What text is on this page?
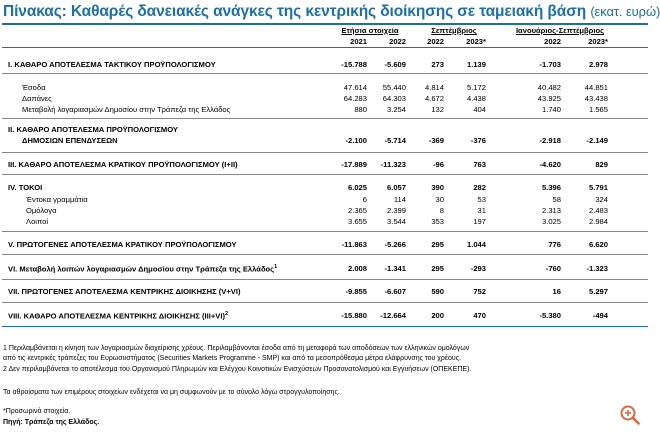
Πίνακας: Καθαρές δανειακές ανάγκες της κεντρικής διοίκησης σε ταμειακή βάση (εκατ. ευρώ)
Ετήσια στοιχεία	Σεπτέμβριος	Ιανουάριος-Σεπτέμβριος
2021	2022	2022	2023*	2022	2023*
I. ΚΑΘΑΡΟ ΑΠΟΤΕΛΕΣΜΑ ΤΑΚΤΙΚΟΥ ΠΡΟΫΠΟΛΟΓΙΣΜΟΥ	-15.788	-5.609	273	1.139	-1.703	2.978
Έσοδα	47.614	55.440	4.814	5.172	40.482	44.851
Δαπάνες	64.283	64.303	4.672	4.438	43.925	43.438
Μεταβολή λογαριασμών Δημοσίου στην Τράπεζα της Ελλάδος	880	3.254	132	404	1.740	1.565
II. ΚΑΘΑΡΟ ΑΠΟΤΕΛΕΣΜΑ ΠΡΟΫΠΟΛΟΓΙΣΜΟΥ
ΔΗΜΟΣΙΩΝ ΕΠΕΝΔΥΣΕΩΝ	-2.100	-5.714	-369	-376	-2.918	-2.149
III. ΚΑΘΑΡΟ ΑΠΟΤΕΛΕΣΜΑ ΚΡΑΤΙΚΟΥ ΠΡΟΫΠΟΛΟΓΙΣΜΟΥ (I+II)	-17.889	-11.323	-96	763	-4.620	829
IV. ΤΟΚΟΙ	6.025	6.057	390	282	5.396	5.791
Έντοκα γραμμάτια	6	114	30	53	58	324
Ομόλογα	2.365	2.399	8	31	2.313	2.483
Λοιποί	3.655	3.544	353	197	3.025	2.984
V. ΠΡΩΤΟΓΕΝΕΣ ΑΠΟΤΕΛΕΣΜΑ ΚΡΑΤΙΚΟΥ ΠΡΟΫΠΟΛΟΓΙΣΜΟΥ	-11.863	-5.266	295	1.044	776	6.620
VI. Μεταβολή λοιπών λογαριασμών Δημοσίου στην Τράπεζα της Ελλάδος$^1$	2.008	-1.341	295	-293	-760	-1.323
VII. ΠΡΩΤΟΓΕΝΕΣ ΑΠΟΤΕΛΕΣΜΑ ΚΕΝΤΡΙΚΗΣ ΔΙΟΙΚΗΣΗΣ (V+VI)	-9.855	-6.607	590	752	16	5.297
VIII. ΚΑΘΑΡΟ ΑΠΟΤΕΛΕΣΜΑ ΚΕΝΤΡΙΚΗΣ ΔΙΟΙΚΗΣΗΣ $(III+VI)^2$	-15.880	-12.664	200	470	-5.380	-494
1 Περιλαμβάνεται η κίνηση των λογαριασμών διαχείρισης χρέους. Περιλαμβάνονται έσοδα από τη μεταφορά των αποδόσεων των ελληνικών ομολόγων
από τις κεντρικές τράπεζες του Ευρωσυστήματος (Securities Markets Programme - SMP) και από τα μεσοπρόθεσμα μέτρα ελάφρυνσης του χρέους.
2 Δεν περιλαμβάνεται το αποτέλεσμα του Οργανισμού Πληρωμών και Ελέγχου Κοινοτικών Ενισχύσεων Προσανατολισμού και Εγγυήσεων (ΟΠΕΚΕΠΕ).
Τα αθροίσματα των επιμέρους στοιχείων ενδέχεται να μη συμφωνούν με το σύνολο λόγω στρογγυλοποίησης.
*Προσωρινά στοιχεία.
Πηγή: Τράπεζα της Ελλάδος.
